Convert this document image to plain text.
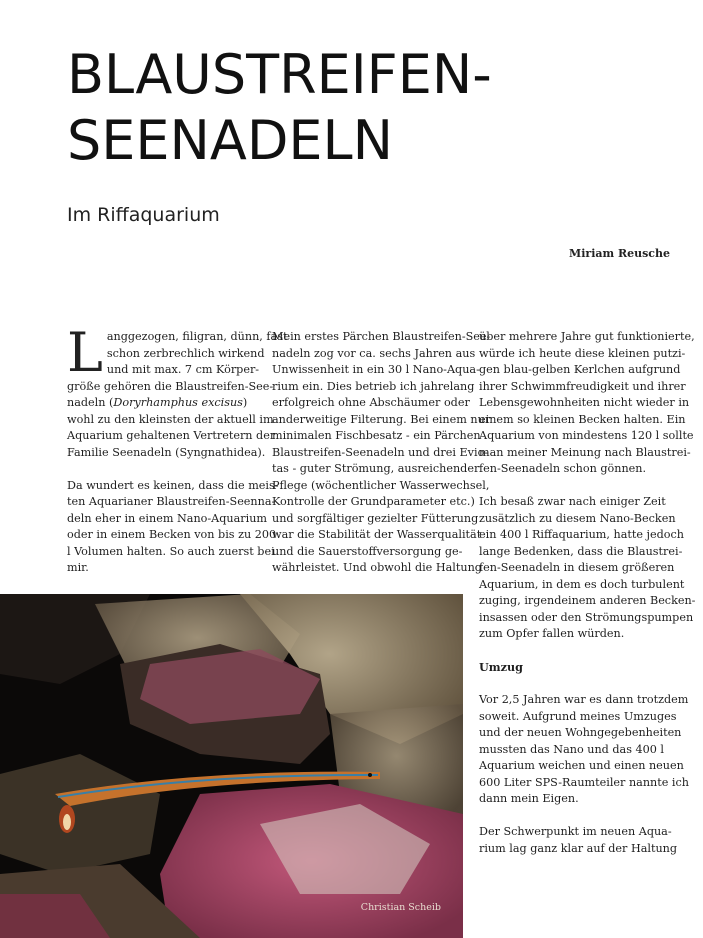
BLAUSTREIFEN-
SEENADELN
Im Riffaquarium
Miriam Reusche

L anggezogen, filigran, dünn, fast
schon zerbrechlich wirkend
und mit max. 7 cm Körper-
größe gehören die Blaustreifen-See-
nadeln (Doryrhamphus excisus)
wohl zu den kleinsten der aktuell im
Aquarium gehaltenen Vertretern der
Familie Seenadeln (Syngnathidea).

Da wundert es keinen, dass die meis-
ten Aquarianer Blaustreifen-Seenna-
deln eher in einem Nano-Aquarium
oder in einem Becken von bis zu 200
l Volumen halten. So auch zuerst bei
mir.

Mein erstes Pärchen Blaustreifen-See-
nadeln zog vor ca. sechs Jahren aus
Unwissenheit in ein 30 l Nano-Aqua-
rium ein. Dies betrieb ich jahrelang
erfolgreich ohne Abschäumer oder
anderweitige Filterung. Bei einem nur
minimalen Fischbesatz - ein Pärchen
Blaustreifen-Seenadeln und drei Evio-
tas - guter Strömung, ausreichender
Pflege (wöchentlicher Wasserwechsel,
Kontrolle der Grundparameter etc.)
und sorgfältiger gezielter Fütterung
war die Stabilität der Wasserqualität
und die Sauerstoffversorgung ge-
währleistet. Und obwohl die Haltung

über mehrere Jahre gut funktionierte,
würde ich heute diese kleinen putzi-
gen blau-gelben Kerlchen aufgrund
ihrer Schwimmfreudigkeit und ihrer
Lebensgewohnheiten nicht wieder in
einem so kleinen Becken halten. Ein
Aquarium von mindestens 120 l sollte
man meiner Meinung nach Blaustrei-
fen-Seenadeln schon gönnen.

Ich besaß zwar nach einiger Zeit
zusätzlich zu diesem Nano-Becken
ein 400 l Riffaquarium, hatte jedoch
lange Bedenken, dass die Blaustrei-
fen-Seenadeln in diesem größeren
Aquarium, in dem es doch turbulent
zuging, irgendeinem anderen Becken-
insassen oder den Strömungspumpen
zum Opfer fallen würden.

Umzug

Vor 2,5 Jahren war es dann trotzdem
soweit. Aufgrund meines Umzuges
und der neuen Wohngegebenheiten
mussten das Nano und das 400 l
Aquarium weichen und einen neuen
600 Liter SPS-Raumteiler nannte ich
dann mein Eigen.

Der Schwerpunkt im neuen Aqua-
rium lag ganz klar auf der Haltung

Christian Scheib
